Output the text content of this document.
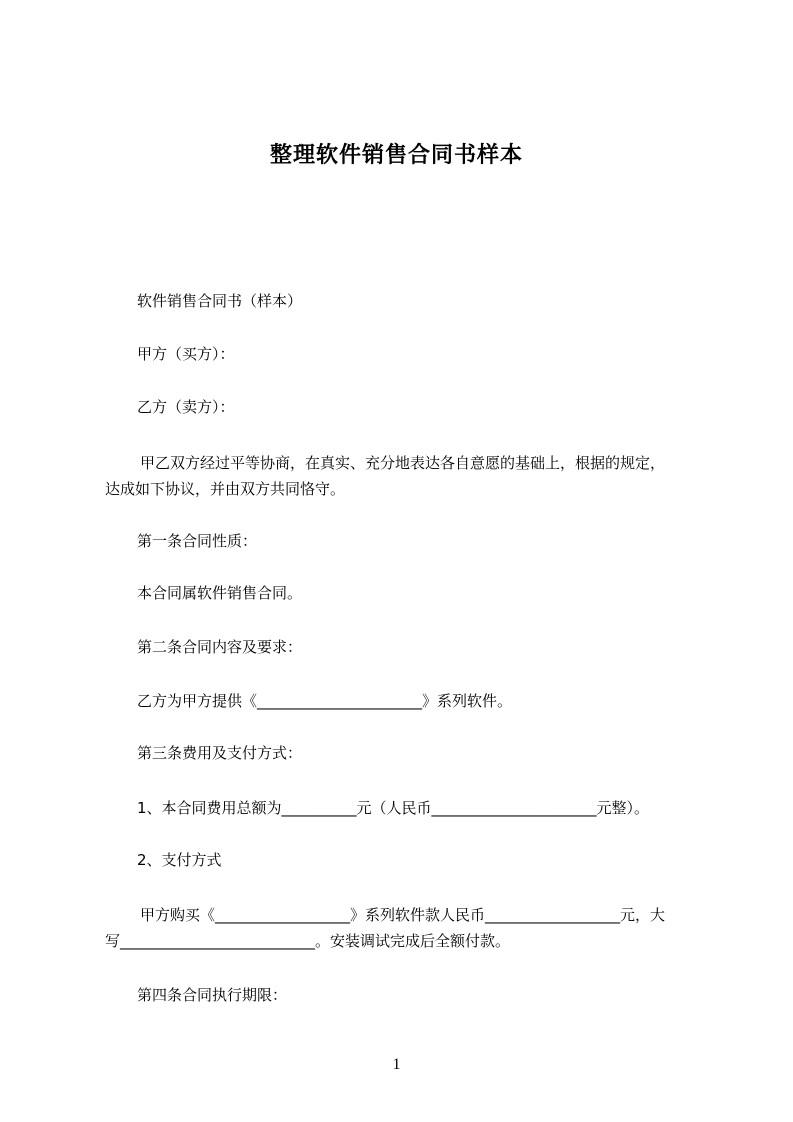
整理软件销售合同书样本
软件销售合同书（样本）
甲方（买方）：
乙方（卖方）：
甲乙双方经过平等协商，在真实、充分地表达各自意愿的基础上，根据的规定，
达成如下协议，并由双方共同恪守。
第一条合同性质：
本合同属软件销售合同。
第二条合同内容及要求：
乙方为甲方提供《______________________》系列软件。
第三条费用及支付方式：
1、本合同费用总额为__________元（人民币______________________元整）。
2、支付方式
甲方购买《__________________》系列软件款人民币__________________元，大
写__________________________。安装调试完成后全额付款。
第四条合同执行期限：
1
